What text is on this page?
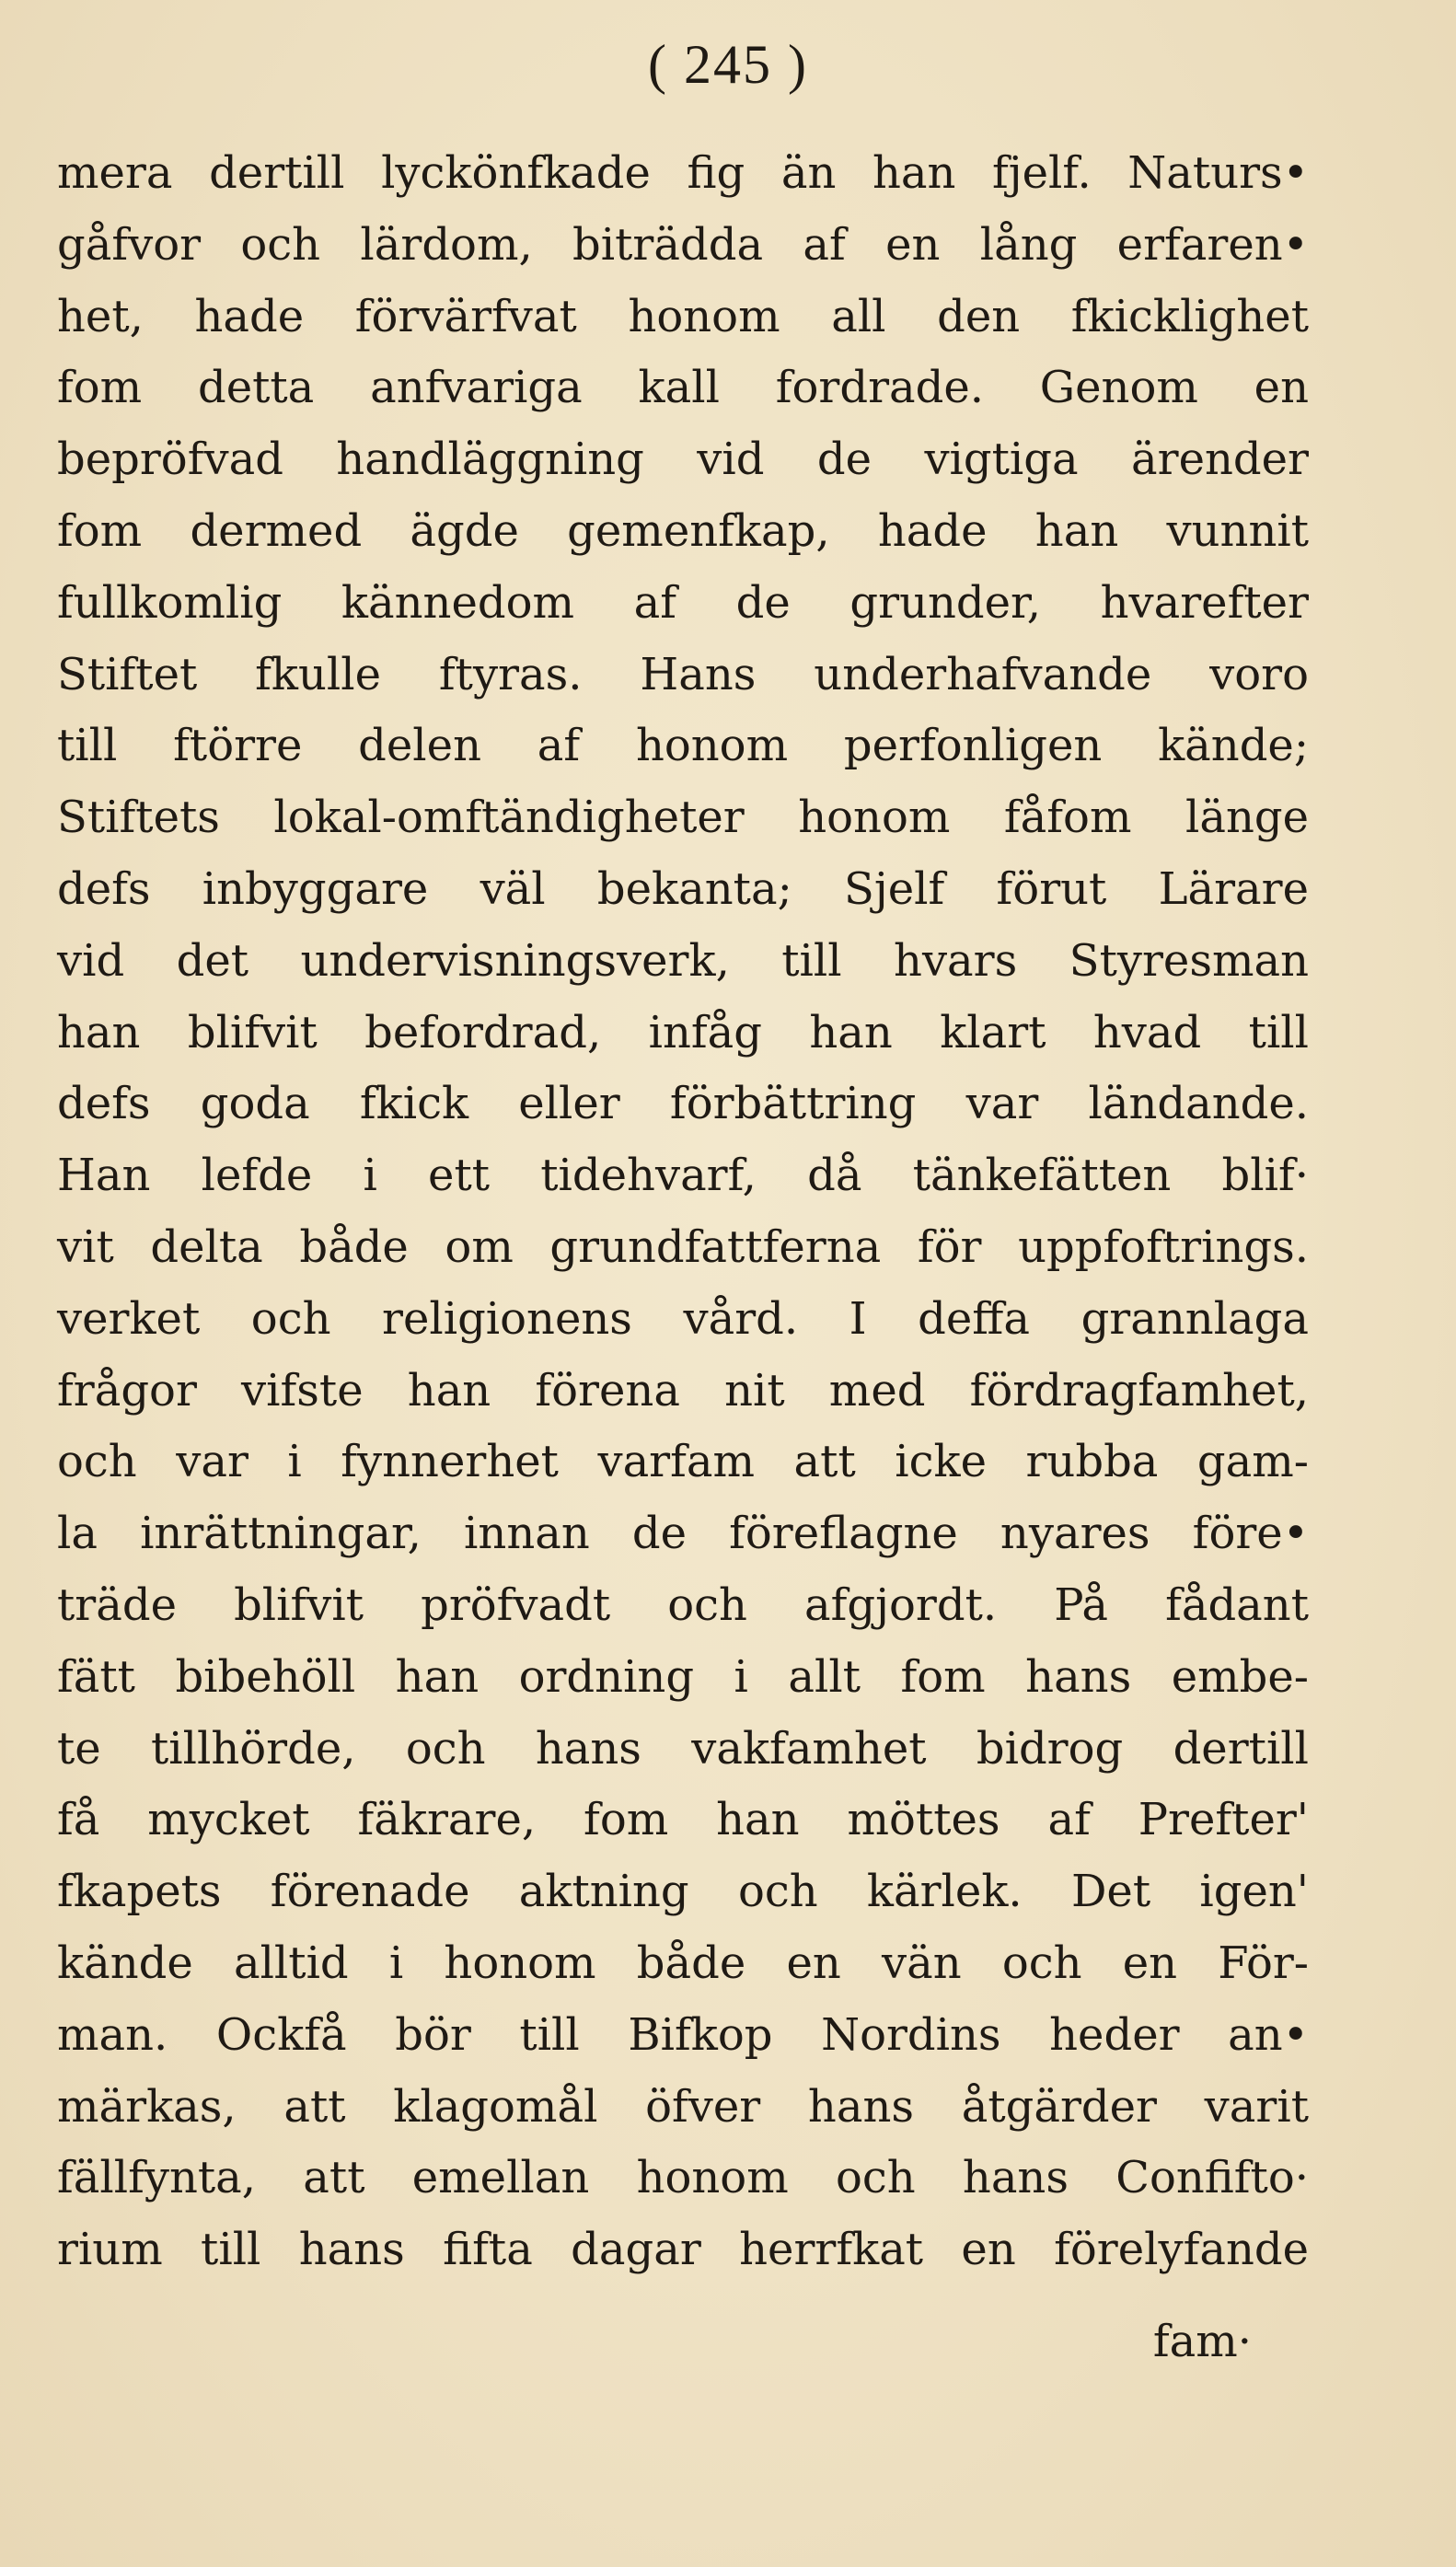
( 245 )
mera dertill lyckönfkade fig än han fjelf. Naturs•
gåfvor och lärdom, biträdda af en lång erfaren•
het, hade förvärfvat honom all den fkicklighet
fom detta anfvariga kall fordrade. Genom en
bepröfvad handläggning vid de vigtiga ärender
fom dermed ägde gemenfkap, hade han vunnit
fullkomlig kännedom af de grunder, hvarefter
Stiftet fkulle ftyras. Hans underhafvande voro
till ftörre delen af honom perfonligen kände;
Stiftets lokal-omftändigheter honom fåfom länge
defs inbyggare väl bekanta; Sjelf förut Lärare
vid det undervisningsverk, till hvars Styresman
han blifvit befordrad, infåg han klart hvad till
defs goda fkick eller förbättring var ländande.
Han lefde i ett tidehvarf, då tänkefätten blif·
vit delta både om grundfattferna för uppfoftrings.
verket och religionens vård. I deffa grannlaga
frågor vifste han förena nit med fördragfamhet,
och var i fynnerhet varfam att icke rubba gam-
la inrättningar, innan de föreflagne nyares före•
träde blifvit pröfvadt och afgjordt. På fådant
fätt bibehöll han ordning i allt fom hans embe-
te tillhörde, och hans vakfamhet bidrog dertill
få mycket fäkrare, fom han möttes af Prefter'
fkapets förenade aktning och kärlek. Det igen'
kände alltid i honom både en vän och en För-
man. Ockfå bör till Bifkop Nordins heder an•
märkas, att klagomål öfver hans åtgärder varit
fällfynta, att emellan honom och hans Confifto·
rium till hans fifta dagar herrfkat en förelyfande
fam·
